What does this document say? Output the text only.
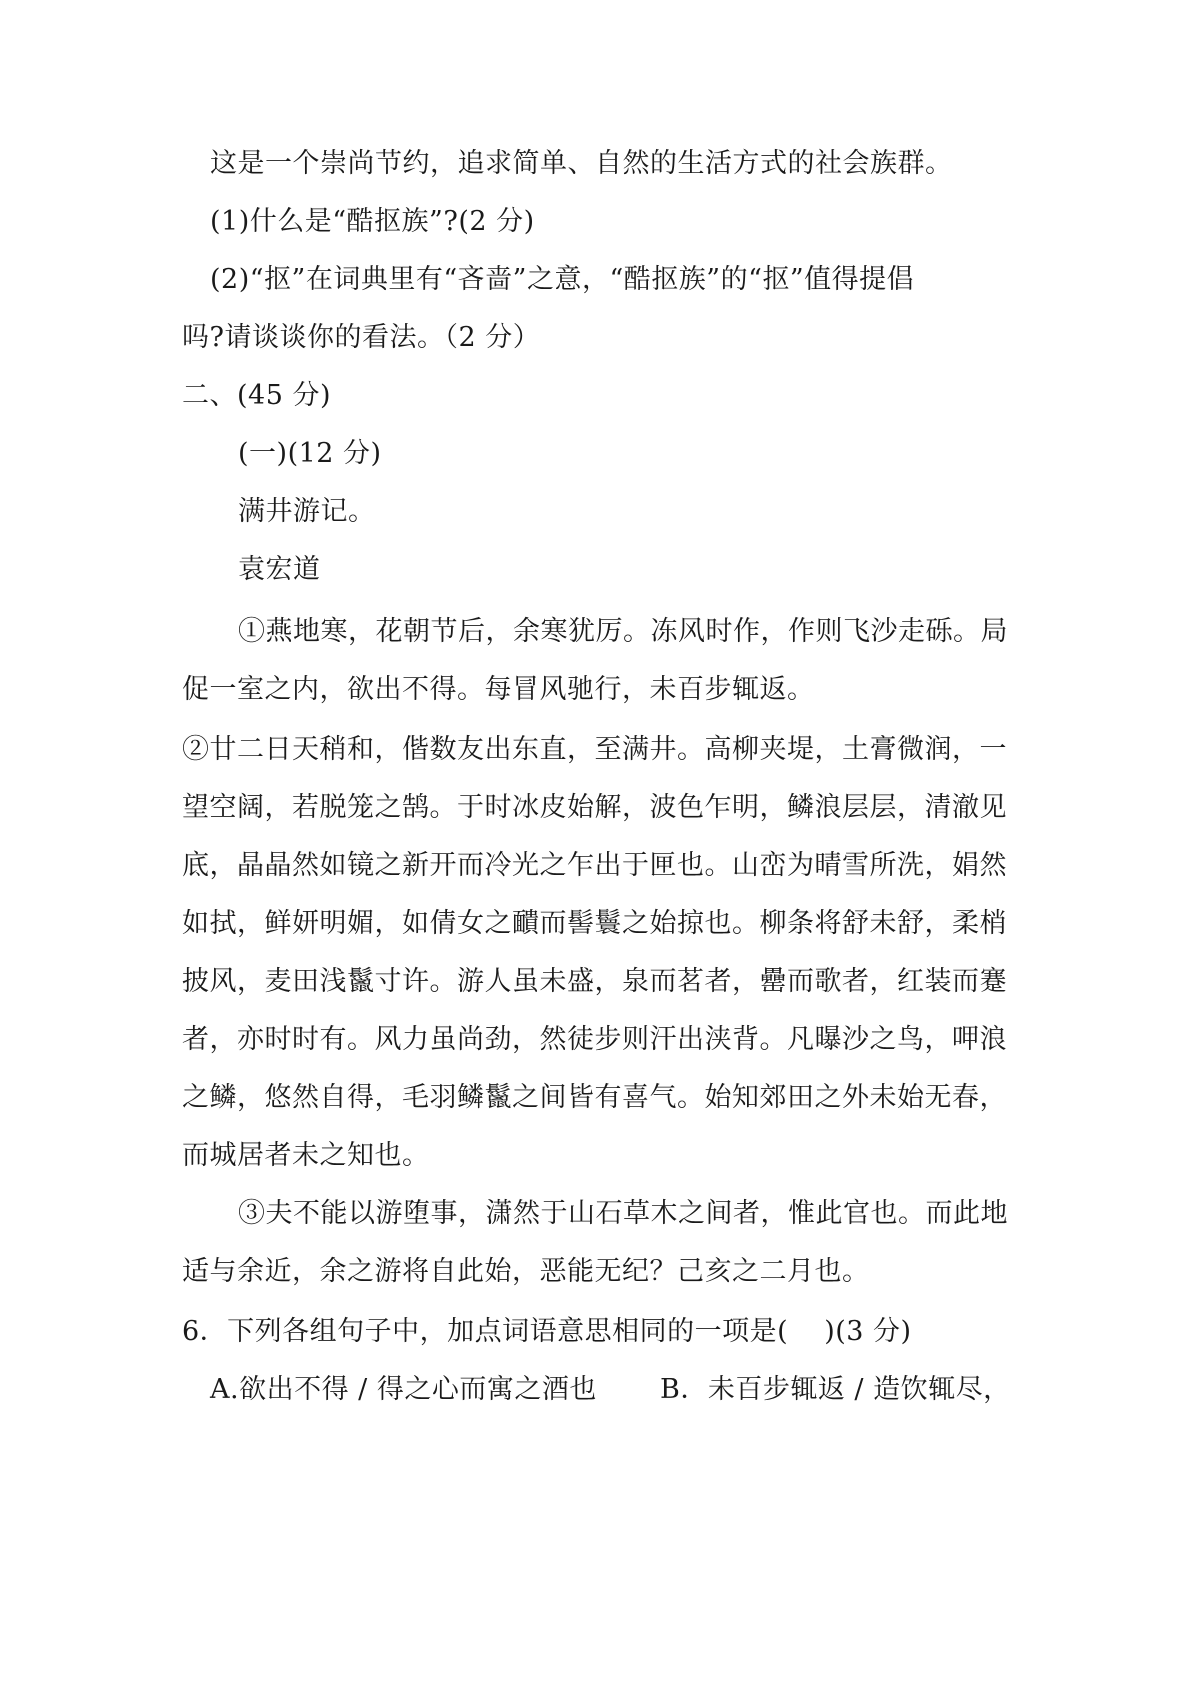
这是一个崇尚节约，追求简单、自然的生活方式的社会族群。
(1)什么是“酷抠族”?(2 分)
(2)“抠”在词典里有“吝啬”之意，“酷抠族”的“抠”值得提倡
吗?请谈谈你的看法。（2 分）
二、(45 分)
(一)(12 分)
满井游记。
袁宏道
①燕地寒，花朝节后，余寒犹厉。冻风时作，作则飞沙走砾。局
促一室之内，欲出不得。每冒风驰行，未百步辄返。
②廿二日天稍和，偕数友出东直，至满井。高柳夹堤，土膏微润，一
望空阔，若脱笼之鹄。于时冰皮始解，波色乍明，鳞浪层层，清澈见
底，晶晶然如镜之新开而冷光之乍出于匣也。山峦为晴雪所洗，娟然
如拭，鲜妍明媚，如倩女之靧而髻鬟之始掠也。柳条将舒未舒，柔梢
披风，麦田浅鬣寸许。游人虽未盛，泉而茗者，罍而歌者，红装而蹇
者，亦时时有。风力虽尚劲，然徒步则汗出浃背。凡曝沙之鸟，呷浪
之鳞，悠然自得，毛羽鳞鬣之间皆有喜气。始知郊田之外未始无春，
而城居者未之知也。
③夫不能以游堕事，潇然于山石草木之间者，惟此官也。而此地
适与余近，余之游将自此始，恶能无纪？己亥之二月也。
6．下列各组句子中，加点词语意思相同的一项是( )(3 分)
A.欲出不得 / 得之心而寓之酒也 B．未百步辄返 / 造饮辄尽，
